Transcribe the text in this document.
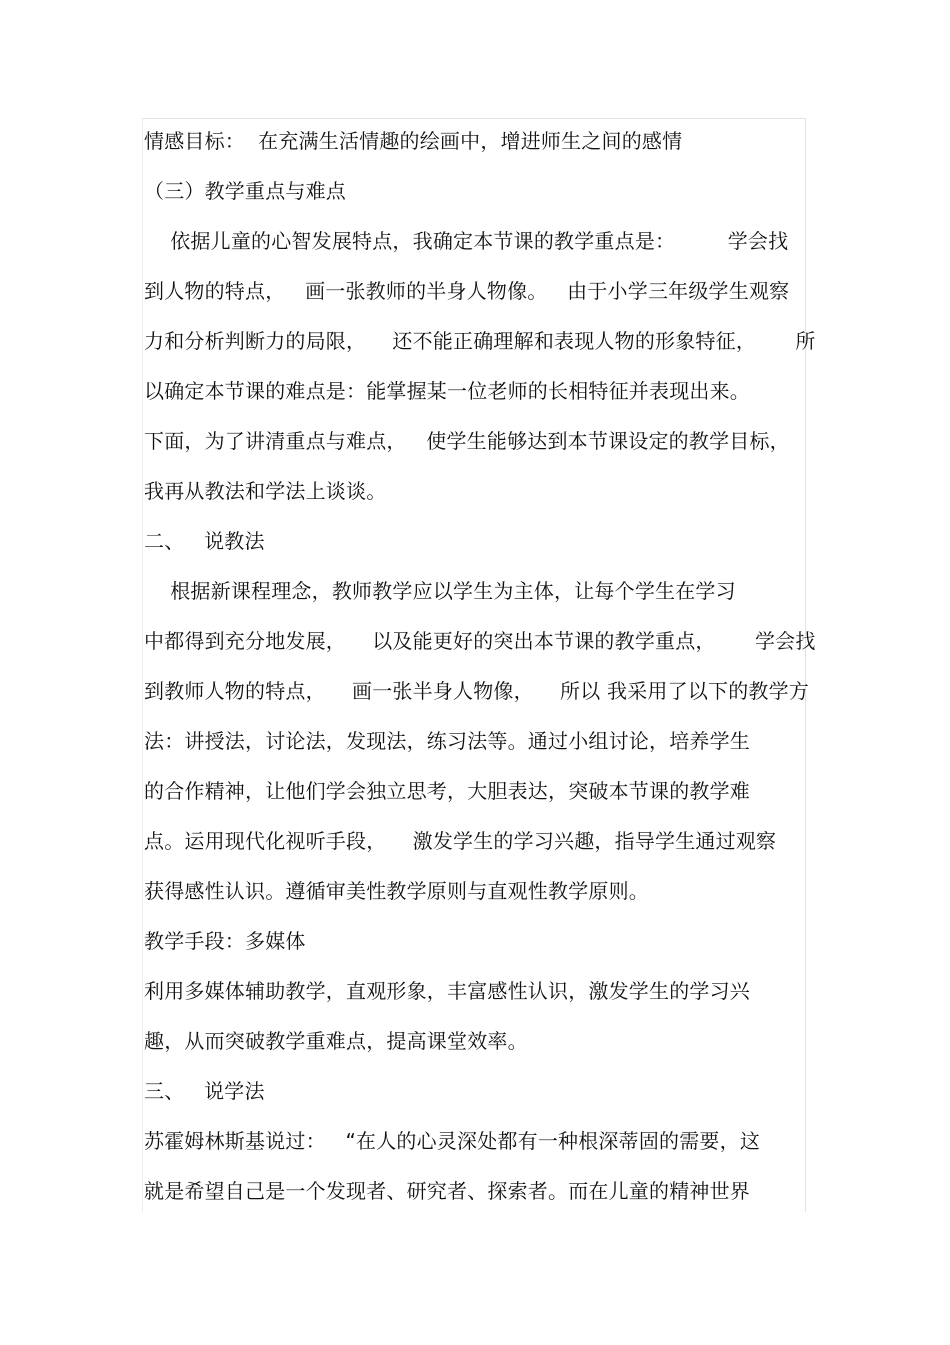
情感目标：  在充满生活情趣的绘画中，增进师生之间的感情
（三）教学重点与难点
依据儿童的心智发展特点，我确定本节课的教学重点是：        学会找
到人物的特点，   画一张教师的半身人物像。   由于小学三年级学生观察
力和分析判断力的局限，    还不能正确理解和表现人物的形象特征，      所
以确定本节课的难点是：能掌握某一位老师的长相特征并表现出来。
下面，为了讲清重点与难点，   使学生能够达到本节课设定的教学目标，
我再从教法和学法上谈谈。
二、   说教法
根据新课程理念，教师教学应以学生为主体，让每个学生在学习
中都得到充分地发展，    以及能更好的突出本节课的教学重点，      学会找
到教师人物的特点，    画一张半身人物像，    所以 我采用了以下的教学方
法：讲授法，讨论法，发现法，练习法等。通过小组讨论，培养学生
的合作精神，让他们学会独立思考，大胆表达，突破本节课的教学难
点。运用现代化视听手段，    激发学生的学习兴趣，指导学生通过观察
获得感性认识。遵循审美性教学原则与直观性教学原则。
教学手段：多媒体
利用多媒体辅助教学，直观形象，丰富感性认识，激发学生的学习兴
趣，从而突破教学重难点，提高课堂效率。
三、   说学法
苏霍姆林斯基说过：   “在人的心灵深处都有一种根深蒂固的需要，这
就是希望自己是一个发现者、研究者、探索者。而在儿童的精神世界
